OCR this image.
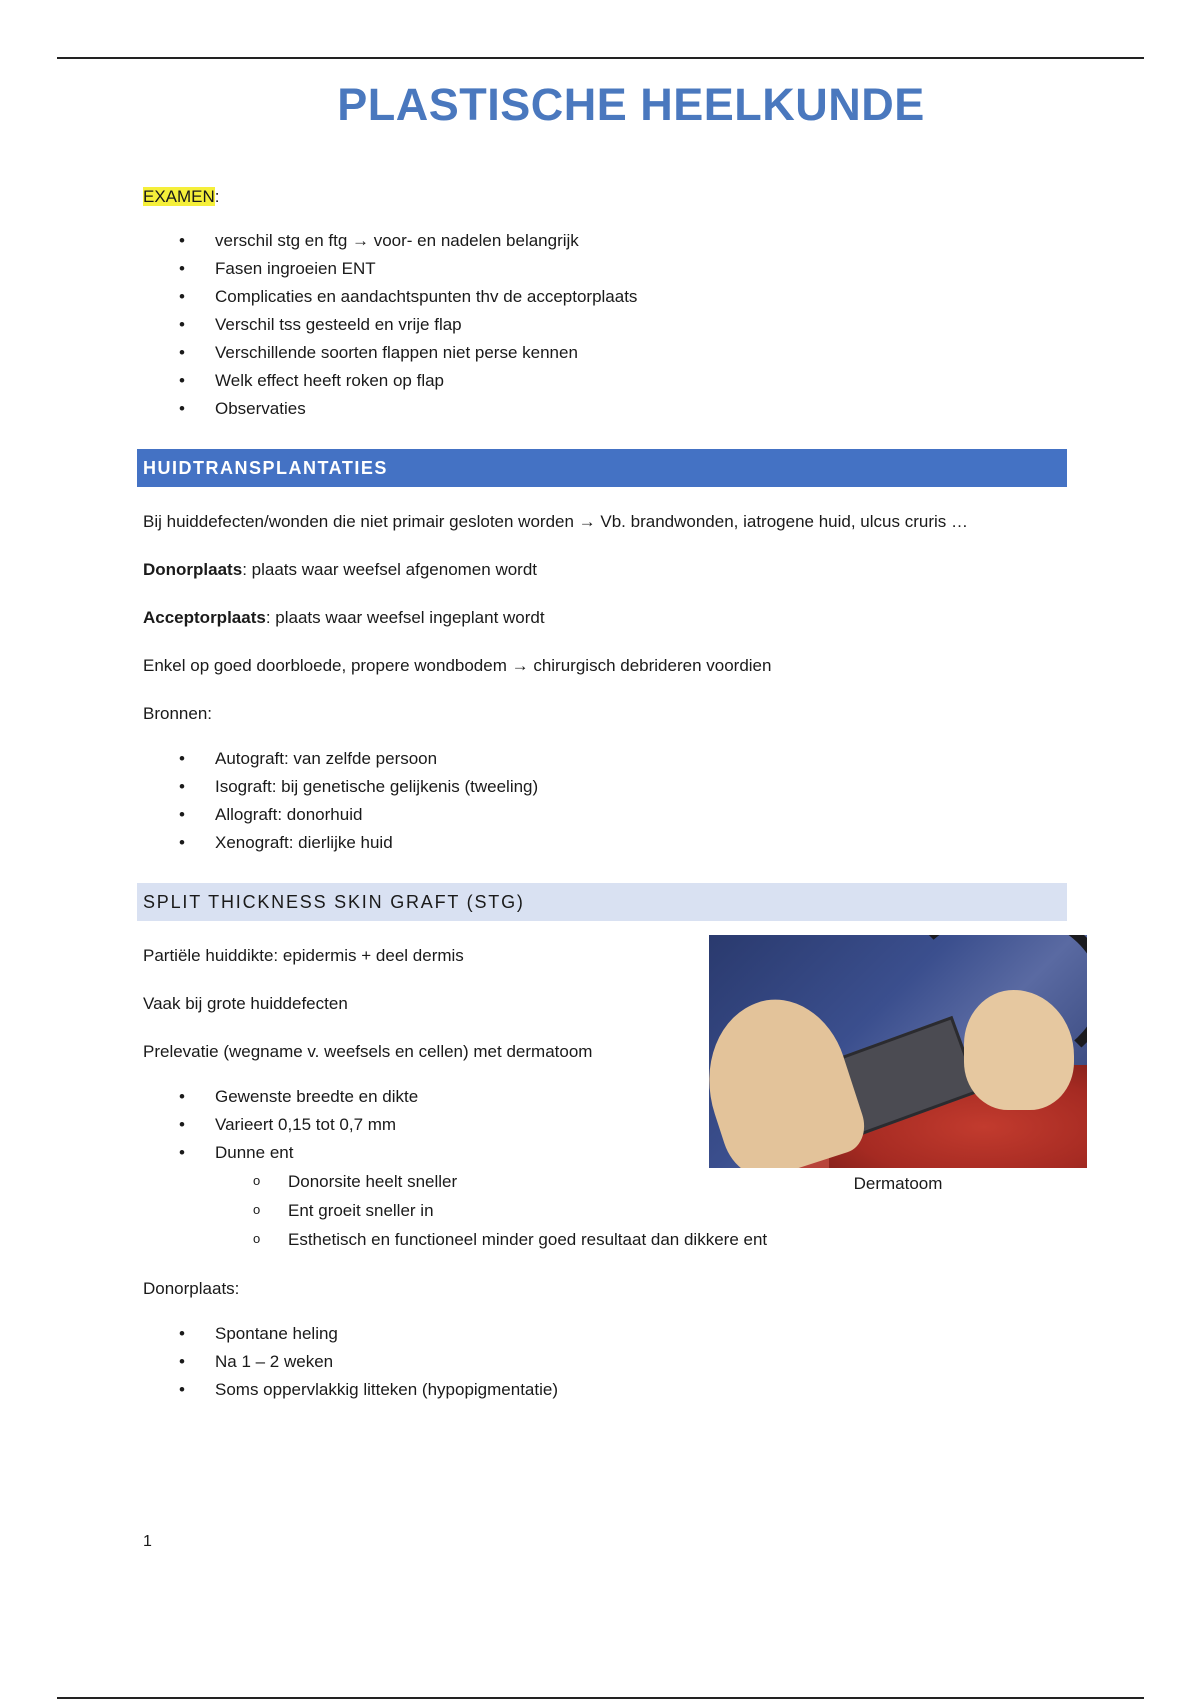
PLASTISCHE HEELKUNDE

EXAMEN:

• verschil stg en ftg → voor- en nadelen belangrijk
• Fasen ingroeien ENT
• Complicaties en aandachtspunten thv de acceptorplaats
• Verschil tss gesteeld en vrije flap
• Verschillende soorten flappen niet perse kennen
• Welk effect heeft roken op flap
• Observaties
HUIDTRANSPLANTATIES

Bij huiddefecten/wonden die niet primair gesloten worden → Vb. brandwonden, iatrogene huid, ulcus cruris …

Donorplaats: plaats waar weefsel afgenomen wordt

Acceptorplaats: plaats waar weefsel ingeplant wordt

Enkel op goed doorbloede, propere wondbodem → chirurgisch debrideren voordien

Bronnen:

• Autograft: van zelfde persoon
• Isograft: bij genetische gelijkenis (tweeling)
• Allograft: donorhuid
• Xenograft: dierlijke huid
SPLIT THICKNESS SKIN GRAFT (STG)

Partiële huiddikte: epidermis + deel dermis

Vaak bij grote huiddefecten

Prelevatie (wegname v. weefsels en cellen) met dermatoom

• Gewenste breedte en dikte
• Varieert 0,15 tot 0,7 mm
• Dunne ent
o Donorsite heelt sneller
o Ent groeit sneller in
o Esthetisch en functioneel minder goed resultaat dan dikkere ent

Donorplaats:

• Spontane heling
• Na 1 – 2 weken
• Soms oppervlakkig litteken (hypopigmentatie)
Dermatoom
1
